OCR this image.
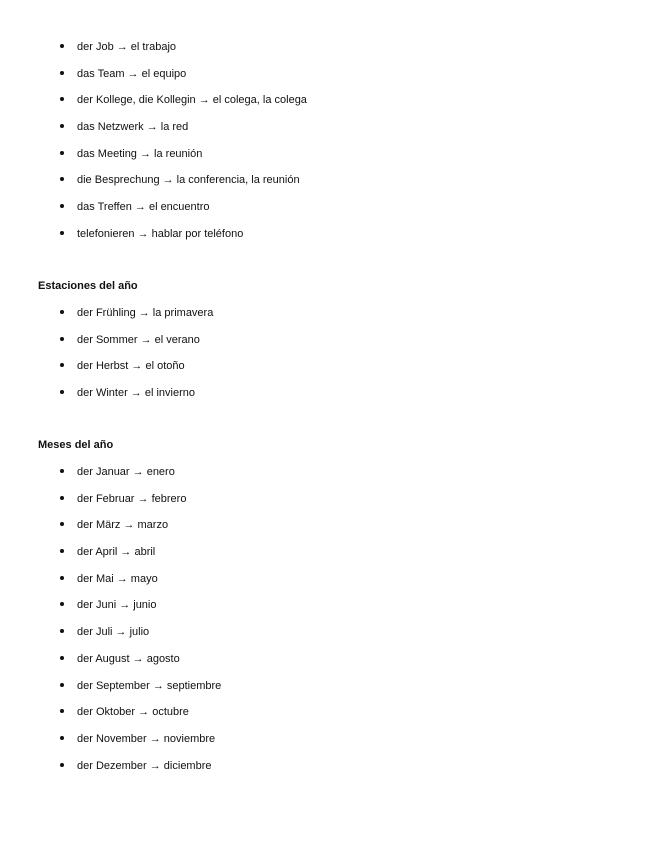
der Job → el trabajo
das Team → el equipo
der Kollege, die Kollegin → el colega, la colega
das Netzwerk → la red
das Meeting → la reunión
die Besprechung → la conferencia, la reunión
das Treffen → el encuentro
telefonieren → hablar por teléfono
Estaciones del año
der Frühling → la primavera
der Sommer → el verano
der Herbst → el otoño
der Winter → el invierno
Meses del año
der Januar → enero
der Februar → febrero
der März → marzo
der April → abril
der Mai → mayo
der Juni → junio
der Juli → julio
der August → agosto
der September → septiembre
der Oktober → octubre
der November → noviembre
der Dezember → diciembre
